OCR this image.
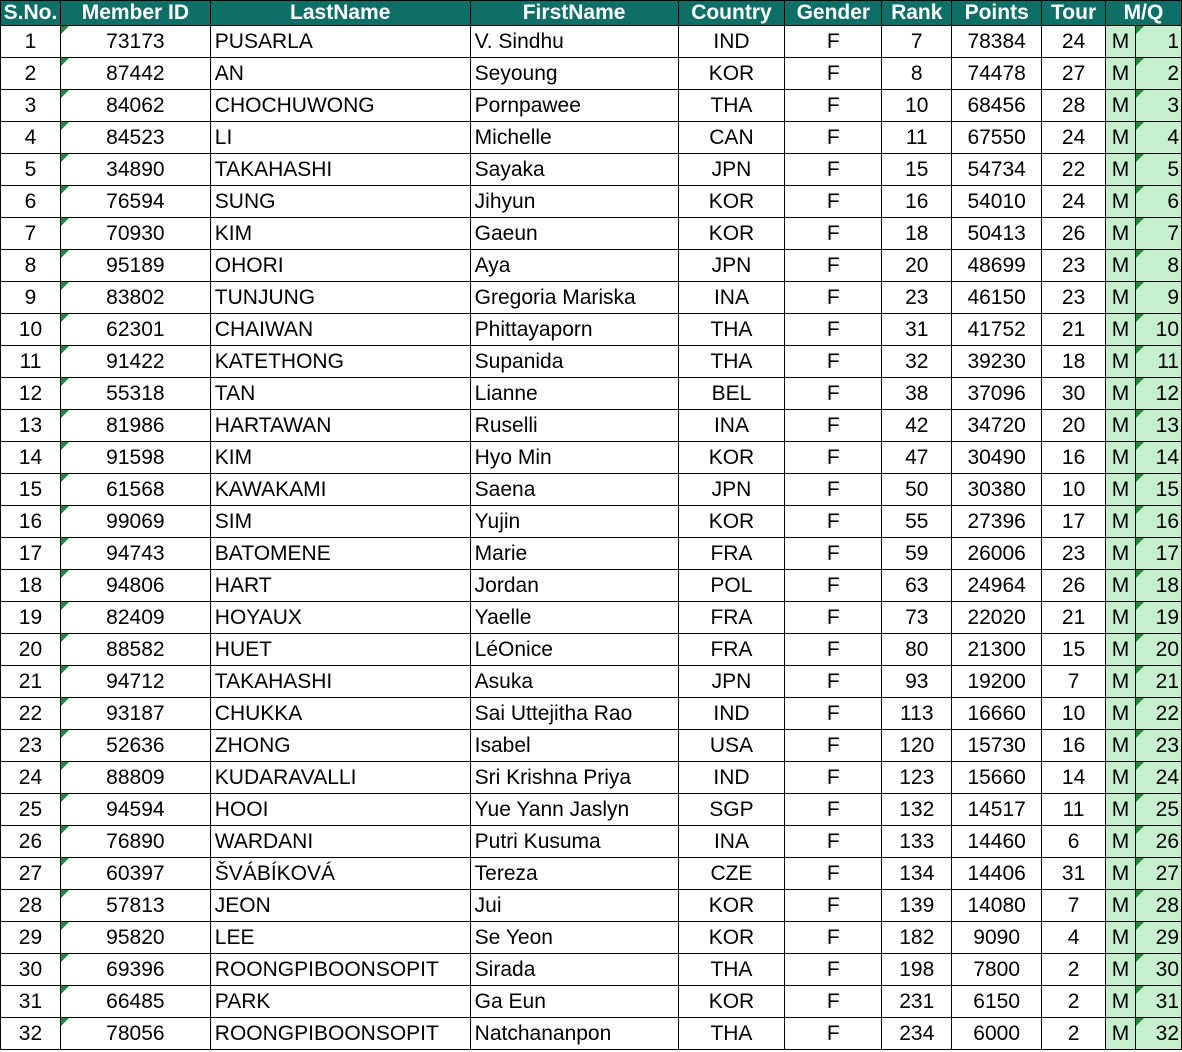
S.No.	Member ID	LastName	FirstName	Country	Gender	Rank	Points	Tour	M/Q	
1	73173	PUSARLA	V. Sindhu	IND	F	7	78384	24	M	1
2	87442	AN	Seyoung	KOR	F	8	74478	27	M	2
3	84062	CHOCHUWONG	Pornpawee	THA	F	10	68456	28	M	3
4	84523	LI	Michelle	CAN	F	11	67550	24	M	4
5	34890	TAKAHASHI	Sayaka	JPN	F	15	54734	22	M	5
6	76594	SUNG	Jihyun	KOR	F	16	54010	24	M	6
7	70930	KIM	Gaeun	KOR	F	18	50413	26	M	7
8	95189	OHORI	Aya	JPN	F	20	48699	23	M	8
9	83802	TUNJUNG	Gregoria Mariska	INA	F	23	46150	23	M	9
10	62301	CHAIWAN	Phittayaporn	THA	F	31	41752	21	M	10
11	91422	KATETHONG	Supanida	THA	F	32	39230	18	M	11
12	55318	TAN	Lianne	BEL	F	38	37096	30	M	12
13	81986	HARTAWAN	Ruselli	INA	F	42	34720	20	M	13
14	91598	KIM	Hyo Min	KOR	F	47	30490	16	M	14
15	61568	KAWAKAMI	Saena	JPN	F	50	30380	10	M	15
16	99069	SIM	Yujin	KOR	F	55	27396	17	M	16
17	94743	BATOMENE	Marie	FRA	F	59	26006	23	M	17
18	94806	HART	Jordan	POL	F	63	24964	26	M	18
19	82409	HOYAUX	Yaelle	FRA	F	73	22020	21	M	19
20	88582	HUET	LéOnice	FRA	F	80	21300	15	M	20
21	94712	TAKAHASHI	Asuka	JPN	F	93	19200	7	M	21
22	93187	CHUKKA	Sai Uttejitha Rao	IND	F	113	16660	10	M	22
23	52636	ZHONG	Isabel	USA	F	120	15730	16	M	23
24	88809	KUDARAVALLI	Sri Krishna Priya	IND	F	123	15660	14	M	24
25	94594	HOOI	Yue Yann Jaslyn	SGP	F	132	14517	11	M	25
26	76890	WARDANI	Putri Kusuma	INA	F	133	14460	6	M	26
27	60397	ŠVÁBÍKOVÁ	Tereza	CZE	F	134	14406	31	M	27
28	57813	JEON	Jui	KOR	F	139	14080	7	M	28
29	95820	LEE	Se Yeon	KOR	F	182	9090	4	M	29
30	69396	ROONGPIBOONSOPIT	Sirada	THA	F	198	7800	2	M	30
31	66485	PARK	Ga Eun	KOR	F	231	6150	2	M	31
32	78056	ROONGPIBOONSOPIT	Natchananpon	THA	F	234	6000	2	M	32
